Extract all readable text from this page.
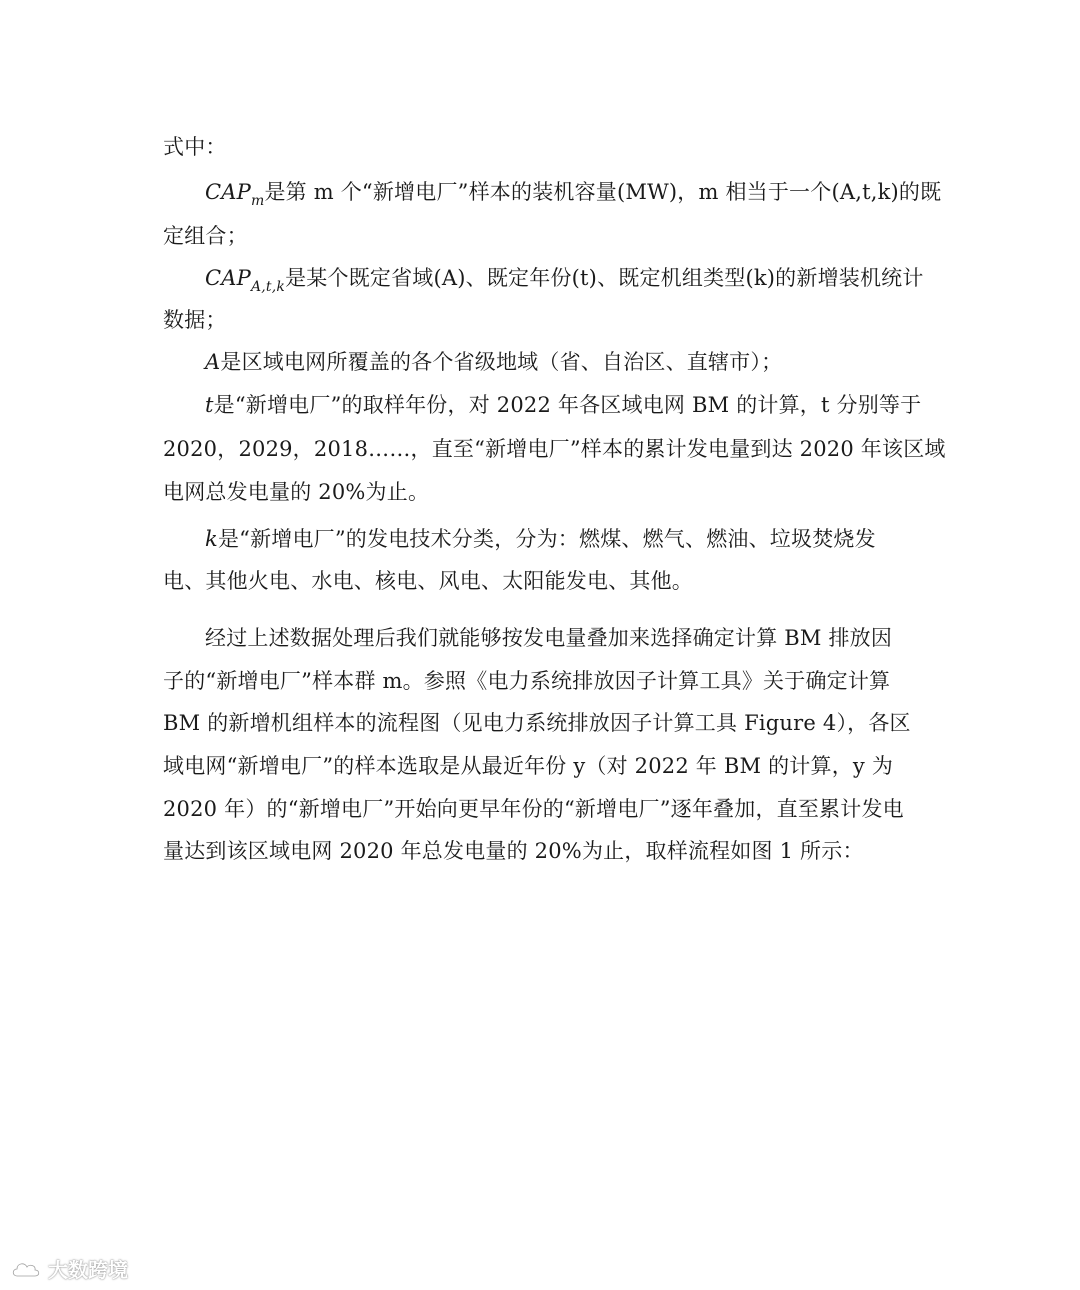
式中：
$CAP_m$是第 m 个“新增电厂”样本的装机容量(MW)，m 相当于一个(A,t,k)的既
定组合；
$CAP_{A,t,k}$是某个既定省域(A)、既定年份(t)、既定机组类型(k)的新增装机统计
数据；
A是区域电网所覆盖的各个省级地域（省、自治区、直辖市）；
t是“新增电厂”的取样年份，对 2022 年各区域电网 BM 的计算，t 分别等于
2020，2029，2018……，直至“新增电厂”样本的累计发电量到达 2020 年该区域
电网总发电量的 20%为止。
k是“新增电厂”的发电技术分类，分为：燃煤、燃气、燃油、垃圾焚烧发
电、其他火电、水电、核电、风电、太阳能发电、其他。
经过上述数据处理后我们就能够按发电量叠加来选择确定计算 BM 排放因
子的“新增电厂”样本群 m。参照《电力系统排放因子计算工具》关于确定计算
BM 的新增机组样本的流程图（见电力系统排放因子计算工具 Figure 4），各区
域电网“新增电厂”的样本选取是从最近年份 y（对 2022 年 BM 的计算，y 为
2020 年）的“新增电厂”开始向更早年份的“新增电厂”逐年叠加，直至累计发电
量达到该区域电网 2020 年总发电量的 20%为止，取样流程如图 1 所示：
大数跨境
